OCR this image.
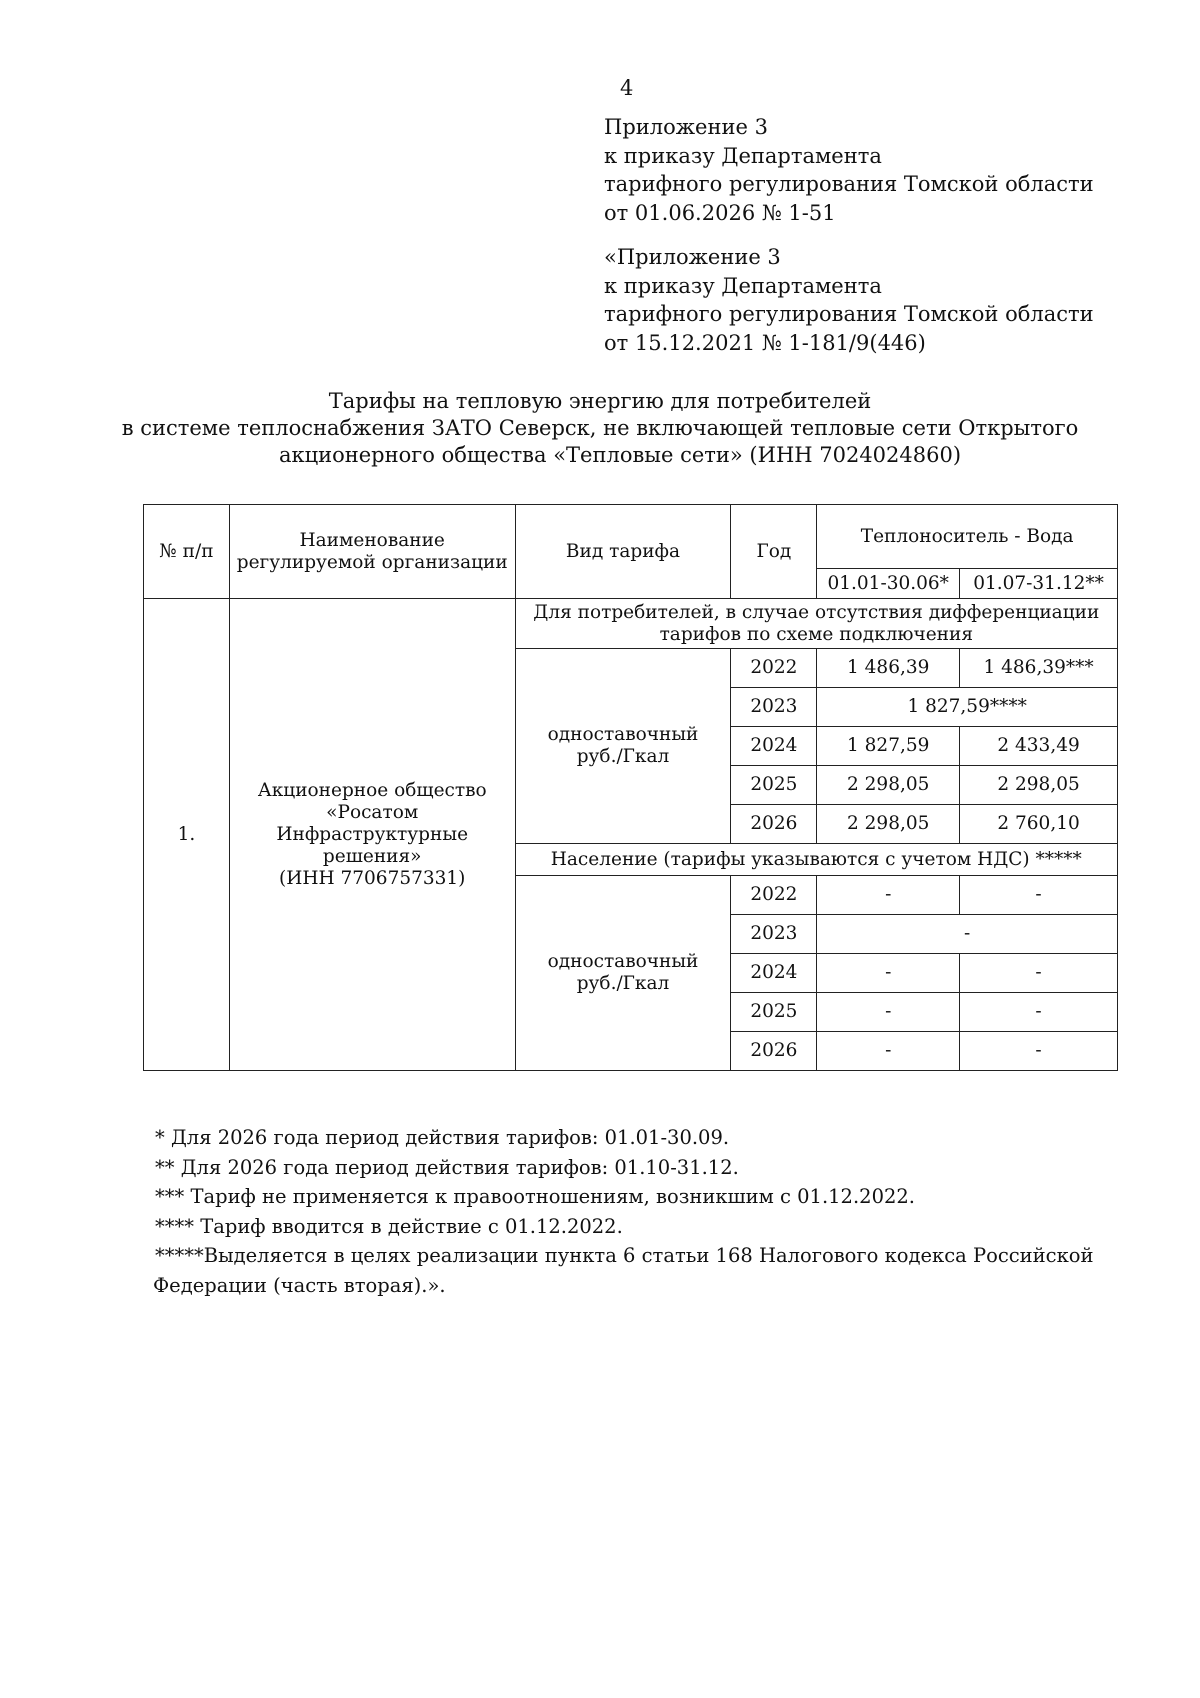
4
Приложение 3
к приказу Департамента
тарифного регулирования Томской области
от 01.06.2026 № 1-51
«Приложение 3
к приказу Департамента
тарифного регулирования Томской области
от 15.12.2021 № 1-181/9(446)
Тарифы на тепловую энергию для потребителей
в системе теплоснабжения ЗАТО Северск, не включающей тепловые сети Открытого
акционерного общества «Тепловые сети» (ИНН 7024024860)
№ п/п	Наименование регулируемой организации	Вид тарифа	Год	Теплоноситель - Вода	
				01.01-30.06*	01.07-31.12**
1.	Акционерное общество
«Росатом
Инфраструктурные
решения»
(ИНН 7706757331)	Для потребителей, в случае отсутствия дифференциации тарифов по схеме подключения			

		одноставочный
руб./Гкал	2022	1 486,39	1 486,39***
			2023	1 827,59****	
			2024	1 827,59	2 433,49
			2025	2 298,05	2 298,05
			2026	2 298,05	2 760,10
		Население (тарифы указываются с учетом НДС) *****			

		одноставочный
руб./Гкал	2022	-	-
			2023	-	
			2024	-	-
			2025	-	-
			2026	-	-
* Для 2026 года период действия тарифов: 01.01-30.09.
** Для 2026 года период действия тарифов: 01.10-31.12.
*** Тариф не применяется к правоотношениям, возникшим с 01.12.2022.
**** Тариф вводится в действие с 01.12.2022.
*****Выделяется в целях реализации пункта 6 статьи 168 Налогового кодекса Российской
Федерации (часть вторая).».
